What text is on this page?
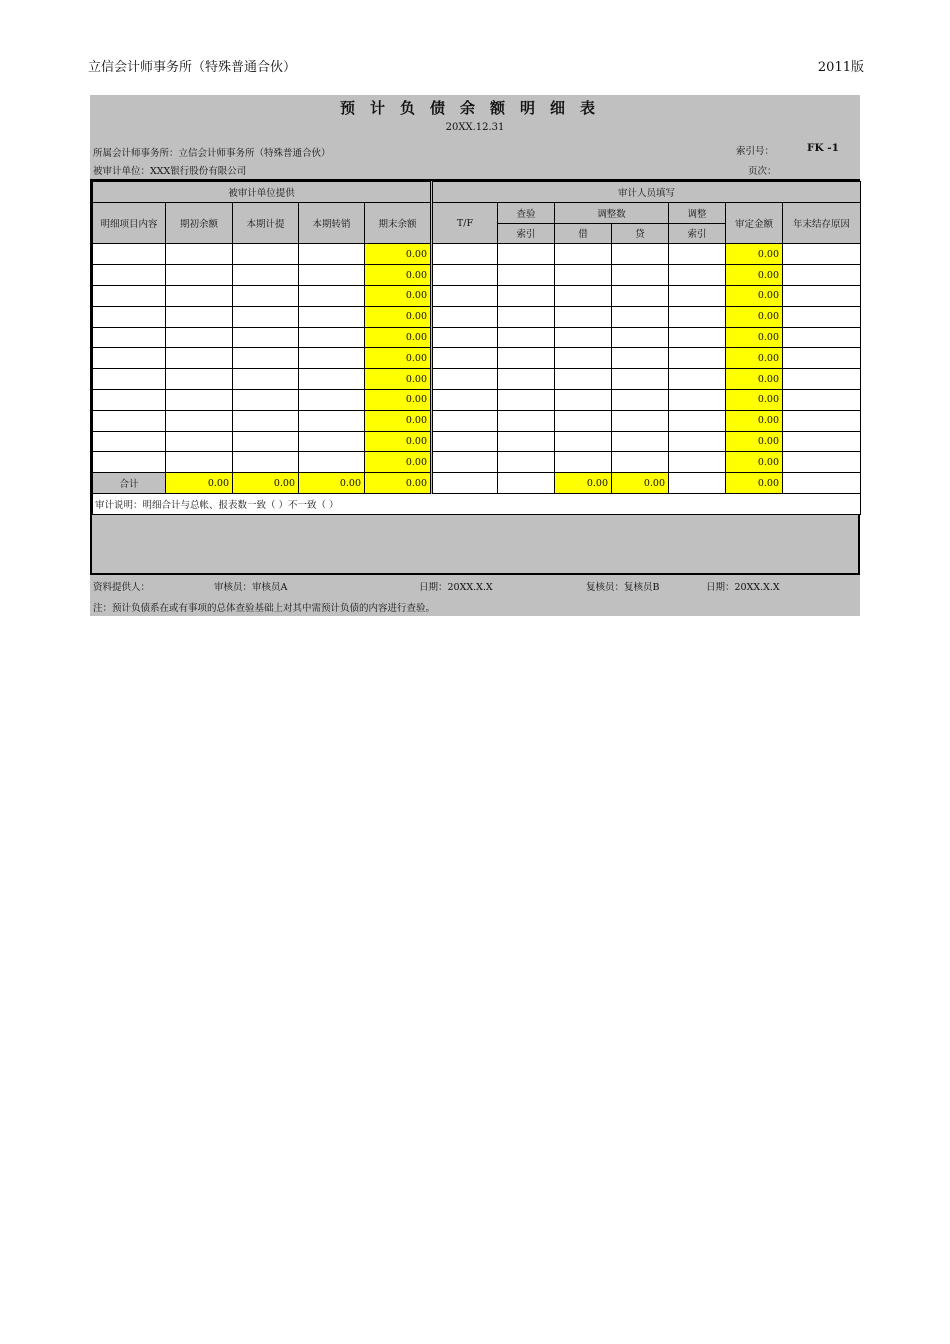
立信会计师事务所（特殊普通合伙）	2011版
预计负债余额明细表
20XX.12.31
所属会计师事务所：立信会计师事务所（特殊普通合伙）
被审计单位：XXX银行股份有限公司
索引号：	FK -1
页次：
被审计单位提供					审计人员填写						
明细项目内容	期初余额	本期计提	本期转销	期末余额	T/F	查验	调整数		调整	审定金额	年末结存原因
						索引	借	贷	索引		
				0.00						0.00	
				0.00						0.00	
				0.00						0.00	
				0.00						0.00	
				0.00						0.00	
				0.00						0.00	
				0.00						0.00	
				0.00						0.00	
				0.00						0.00	
				0.00						0.00	
				0.00						0.00	
合计	0.00	0.00	0.00	0.00			0.00	0.00		0.00	
审计说明：明细合计与总帐、报表数一致（ ）不一致（ ）											
资料提供人：	审核员：审核员A	日期：20XX.X.X	复核员：复核员B	日期：20XX.X.X
注：预计负债系在或有事项的总体查验基础上对其中需预计负债的内容进行查验。
